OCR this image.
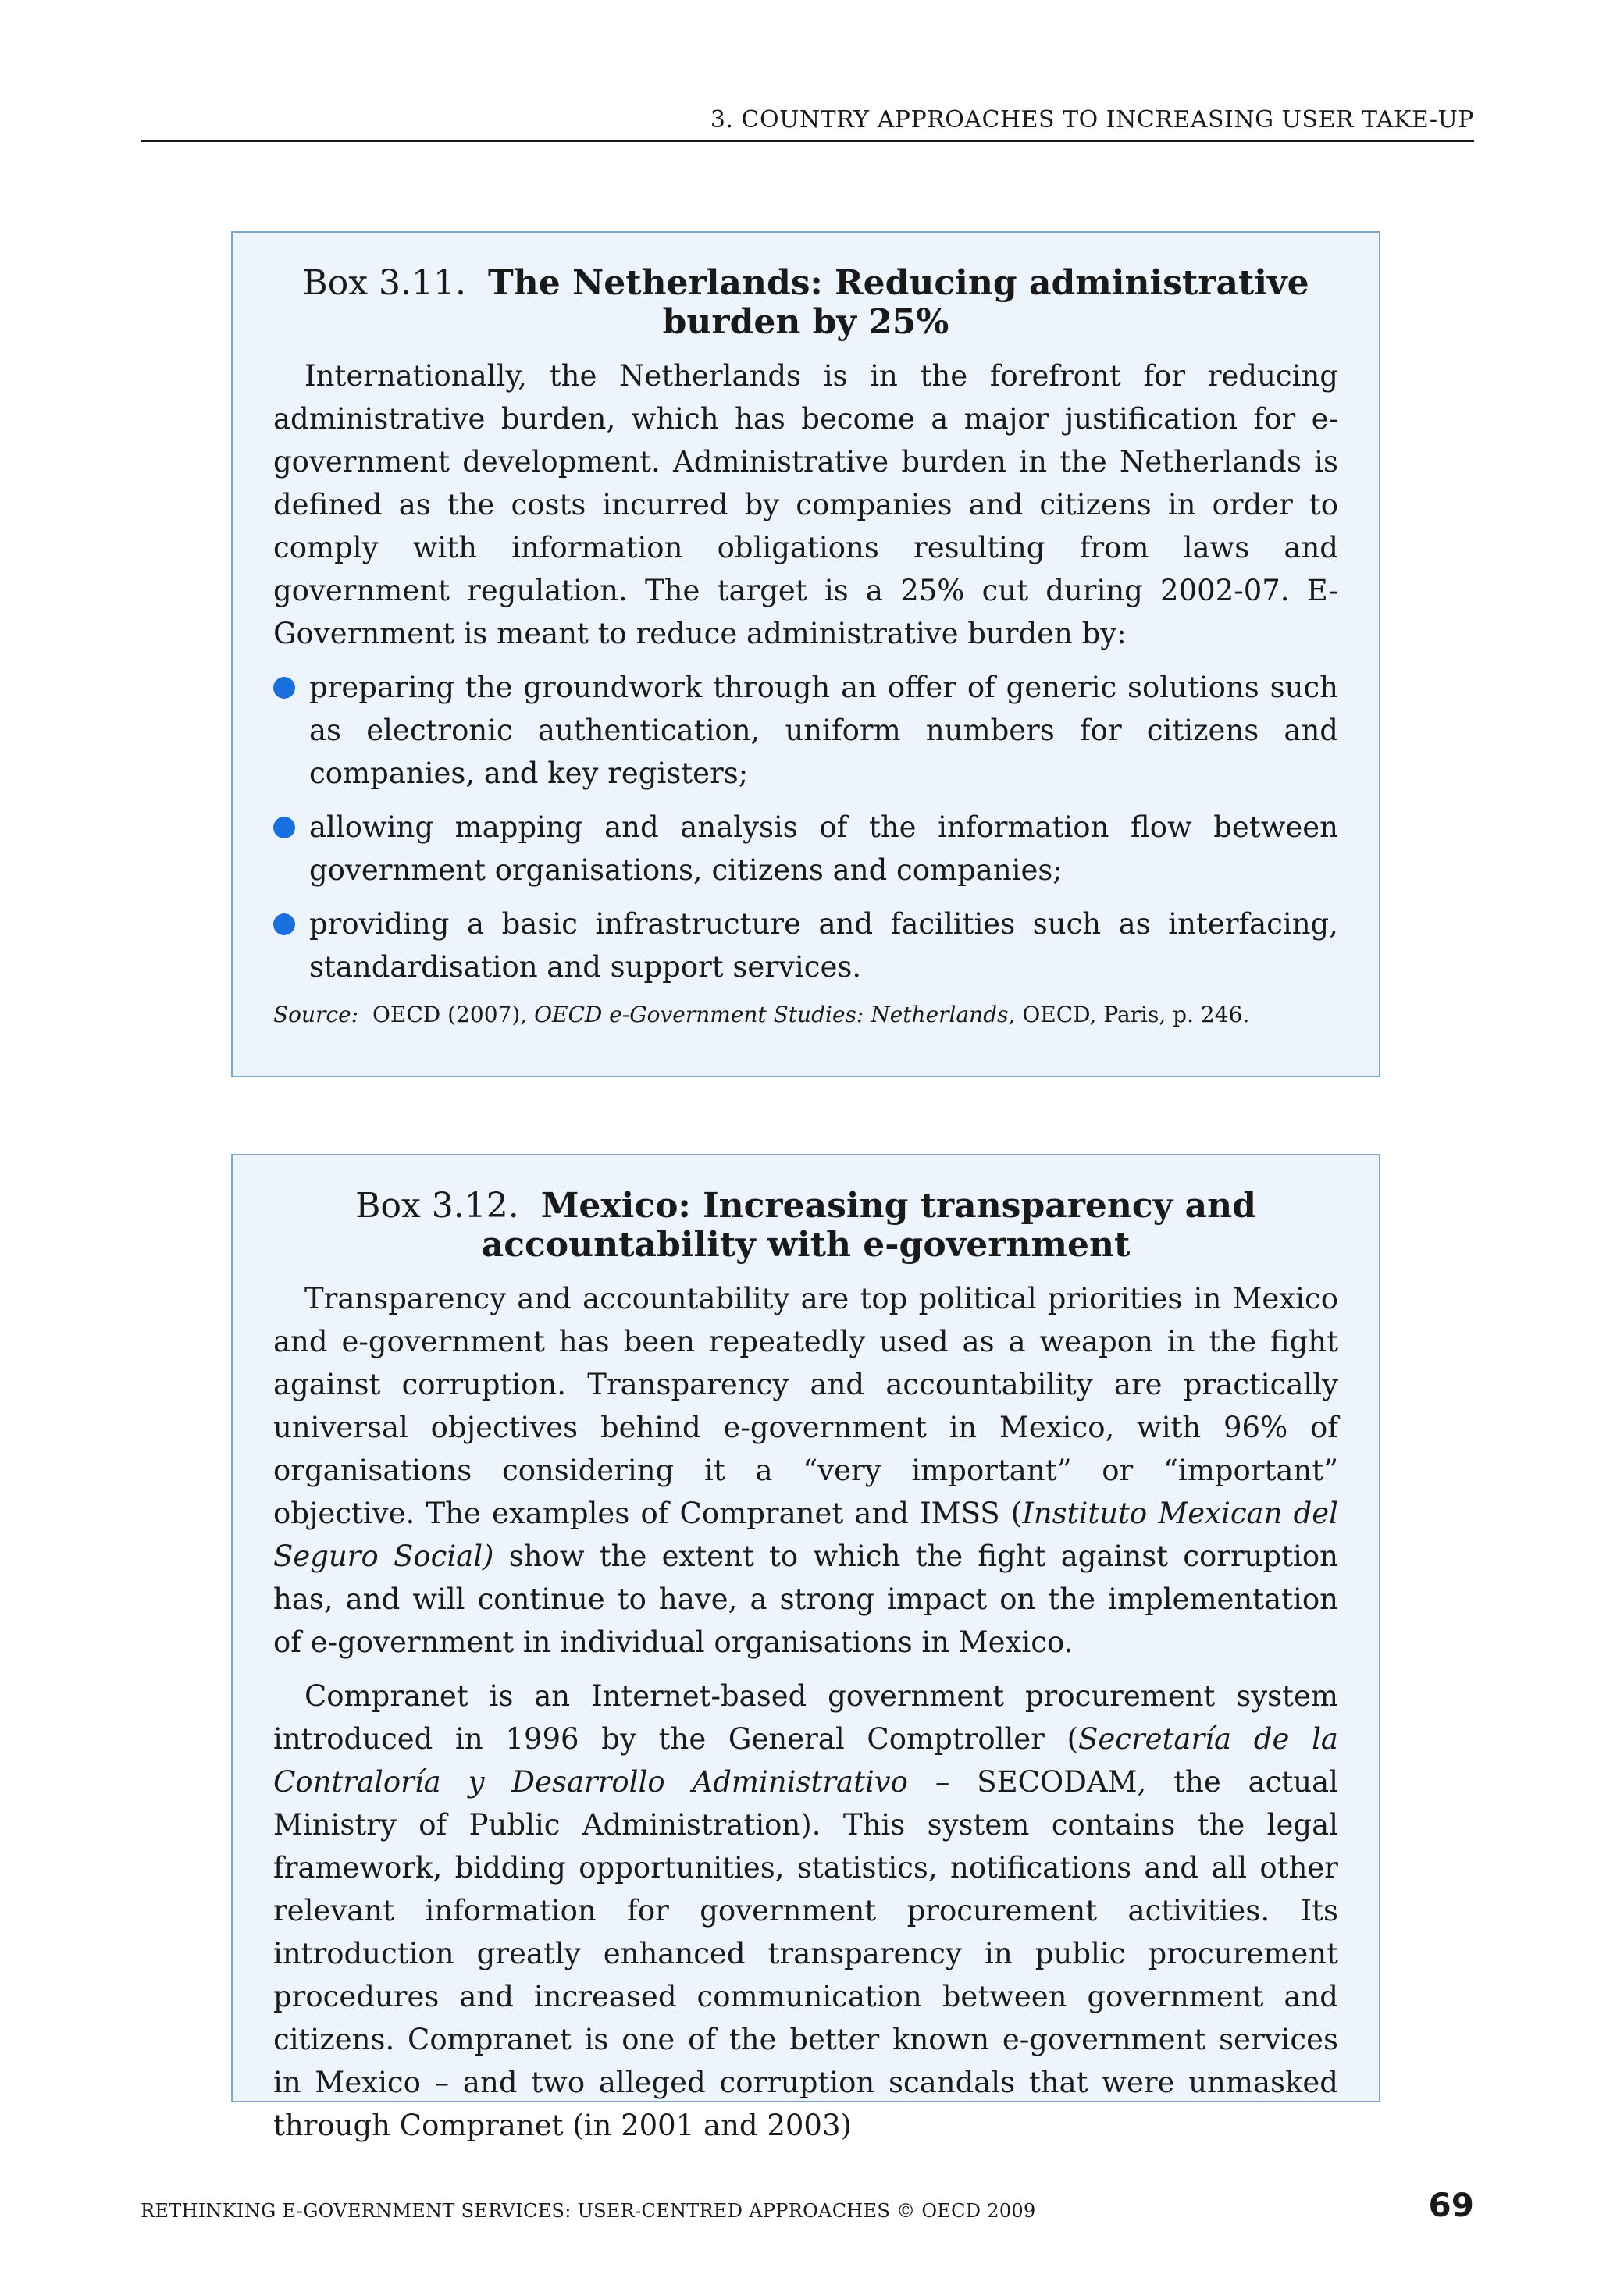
3. COUNTRY APPROACHES TO INCREASING USER TAKE-UP
Box 3.11. The Netherlands: Reducing administrative burden by 25%

Internationally, the Netherlands is in the forefront for reducing administrative burden, which has become a major justification for e-government development. Administrative burden in the Netherlands is defined as the costs incurred by companies and citizens in order to comply with information obligations resulting from laws and government regulation. The target is a 25% cut during 2002-07. E-Government is meant to reduce administrative burden by:

preparing the groundwork through an offer of generic solutions such as electronic authentication, uniform numbers for citizens and companies, and key registers;
allowing mapping and analysis of the information flow between government organisations, citizens and companies;
providing a basic infrastructure and facilities such as interfacing, standardisation and support services.

Source: OECD (2007), OECD e-Government Studies: Netherlands, OECD, Paris, p. 246.

Box 3.12. Mexico: Increasing transparency and accountability with e-government

Transparency and accountability are top political priorities in Mexico and e-government has been repeatedly used as a weapon in the fight against corruption. Transparency and accountability are practically universal objectives behind e-government in Mexico, with 96% of organisations considering it a “very important” or “important” objective. The examples of Compranet and IMSS (Instituto Mexican del Seguro Social) show the extent to which the fight against corruption has, and will continue to have, a strong impact on the implementation of e-government in individual organisations in Mexico.

Compranet is an Internet-based government procurement system introduced in 1996 by the General Comptroller (Secretaría de la Contraloría y Desarrollo Administrativo – SECODAM, the actual Ministry of Public Administration). This system contains the legal framework, bidding opportunities, statistics, notifications and all other relevant information for government procurement activities. Its introduction greatly enhanced transparency in public procurement procedures and increased communication between government and citizens. Compranet is one of the better known e-government services in Mexico – and two alleged corruption scandals that were unmasked through Compranet (in 2001 and 2003)

RETHINKING E-GOVERNMENT SERVICES: USER-CENTRED APPROACHES © OECD 2009	69
